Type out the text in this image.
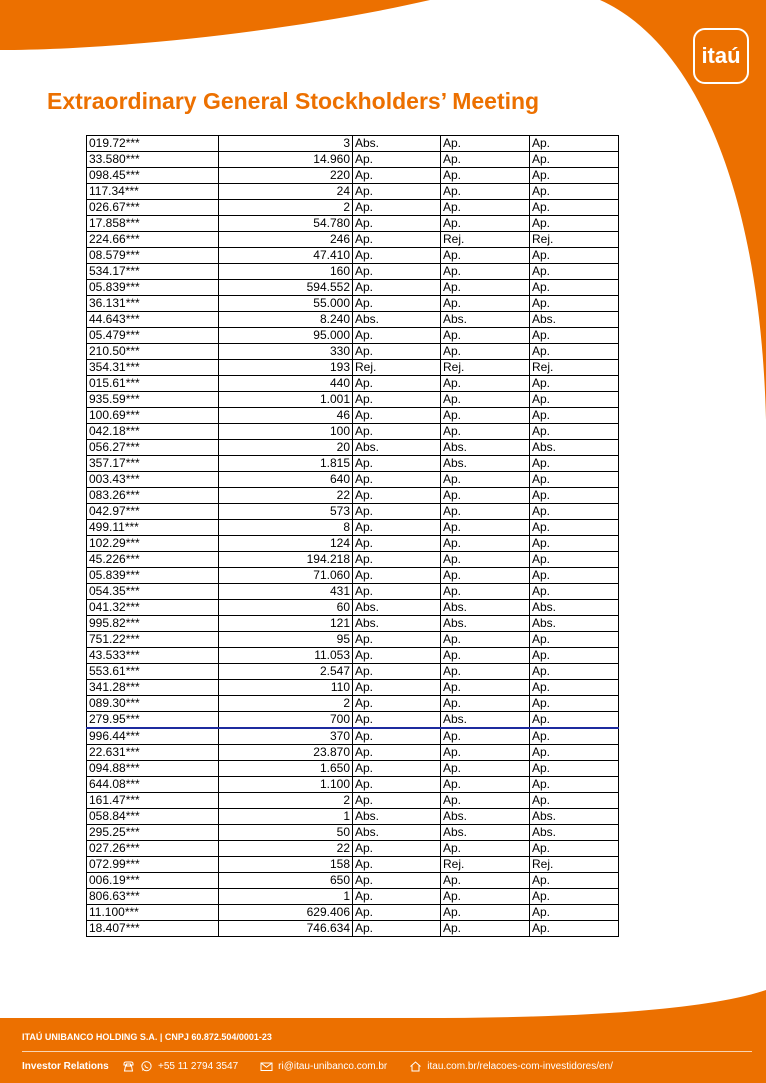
itaú
Extraordinary General Stockholders’ Meeting
019.72***	3	Abs.	Ap.	Ap.
33.580***	14.960	Ap.	Ap.	Ap.
098.45***	220	Ap.	Ap.	Ap.
117.34***	24	Ap.	Ap.	Ap.
026.67***	2	Ap.	Ap.	Ap.
17.858***	54.780	Ap.	Ap.	Ap.
224.66***	246	Ap.	Rej.	Rej.
08.579***	47.410	Ap.	Ap.	Ap.
534.17***	160	Ap.	Ap.	Ap.
05.839***	594.552	Ap.	Ap.	Ap.
36.131***	55.000	Ap.	Ap.	Ap.
44.643***	8.240	Abs.	Abs.	Abs.
05.479***	95.000	Ap.	Ap.	Ap.
210.50***	330	Ap.	Ap.	Ap.
354.31***	193	Rej.	Rej.	Rej.
015.61***	440	Ap.	Ap.	Ap.
935.59***	1.001	Ap.	Ap.	Ap.
100.69***	46	Ap.	Ap.	Ap.
042.18***	100	Ap.	Ap.	Ap.
056.27***	20	Abs.	Abs.	Abs.
357.17***	1.815	Ap.	Abs.	Ap.
003.43***	640	Ap.	Ap.	Ap.
083.26***	22	Ap.	Ap.	Ap.
042.97***	573	Ap.	Ap.	Ap.
499.11***	8	Ap.	Ap.	Ap.
102.29***	124	Ap.	Ap.	Ap.
45.226***	194.218	Ap.	Ap.	Ap.
05.839***	71.060	Ap.	Ap.	Ap.
054.35***	431	Ap.	Ap.	Ap.
041.32***	60	Abs.	Abs.	Abs.
995.82***	121	Abs.	Abs.	Abs.
751.22***	95	Ap.	Ap.	Ap.
43.533***	11.053	Ap.	Ap.	Ap.
553.61***	2.547	Ap.	Ap.	Ap.
341.28***	110	Ap.	Ap.	Ap.
089.30***	2	Ap.	Ap.	Ap.
279.95***	700	Ap.	Abs.	Ap.
996.44***	370	Ap.	Ap.	Ap.
22.631***	23.870	Ap.	Ap.	Ap.
094.88***	1.650	Ap.	Ap.	Ap.
644.08***	1.100	Ap.	Ap.	Ap.
161.47***	2	Ap.	Ap.	Ap.
058.84***	1	Abs.	Abs.	Abs.
295.25***	50	Abs.	Abs.	Abs.
027.26***	22	Ap.	Ap.	Ap.
072.99***	158	Ap.	Rej.	Rej.
006.19***	650	Ap.	Ap.	Ap.
806.63***	1	Ap.	Ap.	Ap.
11.100***	629.406	Ap.	Ap.	Ap.
18.407***	746.634	Ap.	Ap.	Ap.
ITAÚ UNIBANCO HOLDING S.A. | CNPJ 60.872.504/0001-23
Investor Relations	+55 11 2794 3547	ri@itau-unibanco.com.br	itau.com.br/relacoes-com-investidores/en/
